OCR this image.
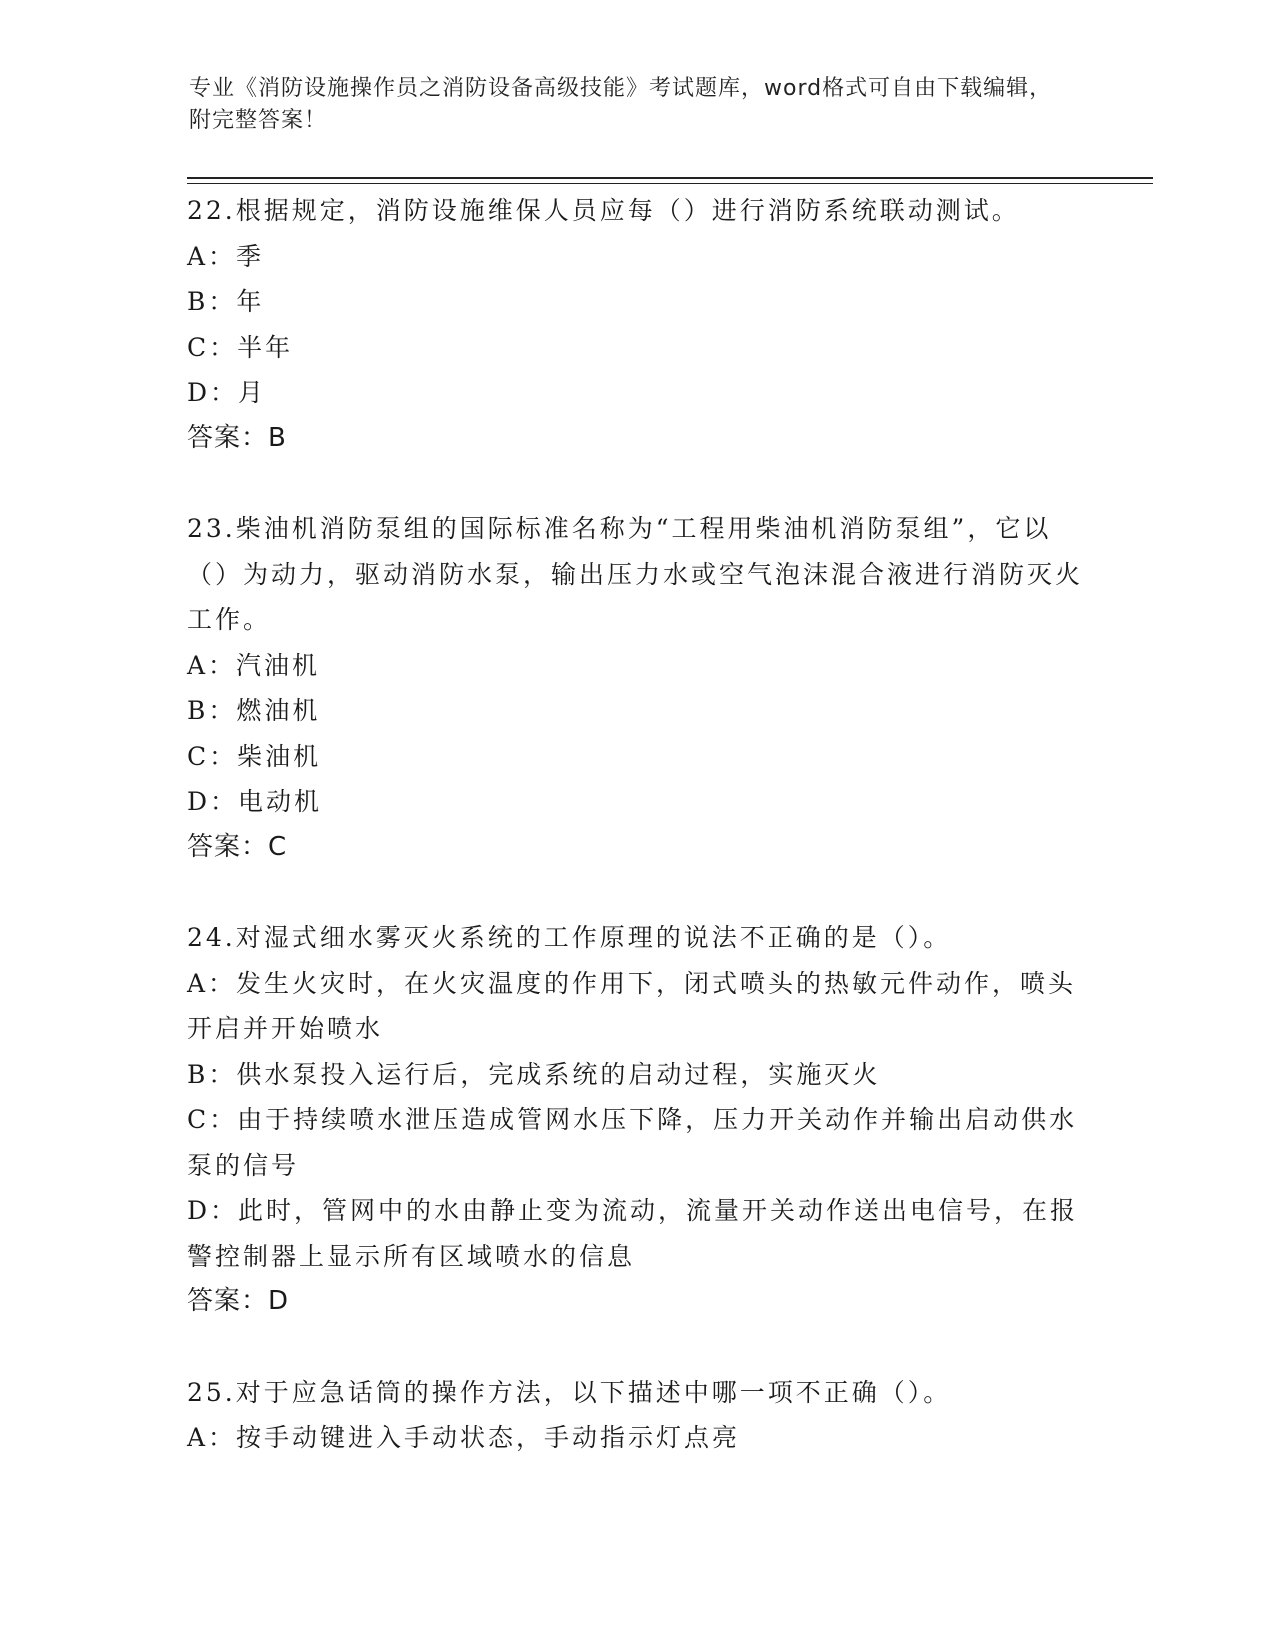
专业《消防设施操作员之消防设备高级技能》考试题库，word格式可自由下载编辑，附完整答案！

22.根据规定，消防设施维保人员应每（）进行消防系统联动测试。

A：季

B：年

C：半年

D：月

答案：B

23.柴油机消防泵组的国际标准名称为“工程用柴油机消防泵组”，它以（）为动力，驱动消防水泵，输出压力水或空气泡沫混合液进行消防灭火工作。

A：汽油机

B：燃油机

C：柴油机

D：电动机

答案：C

24.对湿式细水雾灭火系统的工作原理的说法不正确的是（）。

A：发生火灾时，在火灾温度的作用下，闭式喷头的热敏元件动作，喷头开启并开始喷水

B：供水泵投入运行后，完成系统的启动过程，实施灭火

C：由于持续喷水泄压造成管网水压下降，压力开关动作并输出启动供水泵的信号

D：此时，管网中的水由静止变为流动，流量开关动作送出电信号，在报警控制器上显示所有区域喷水的信息

答案：D

25.对于应急话筒的操作方法，以下描述中哪一项不正确（）。

A：按手动键进入手动状态，手动指示灯点亮
